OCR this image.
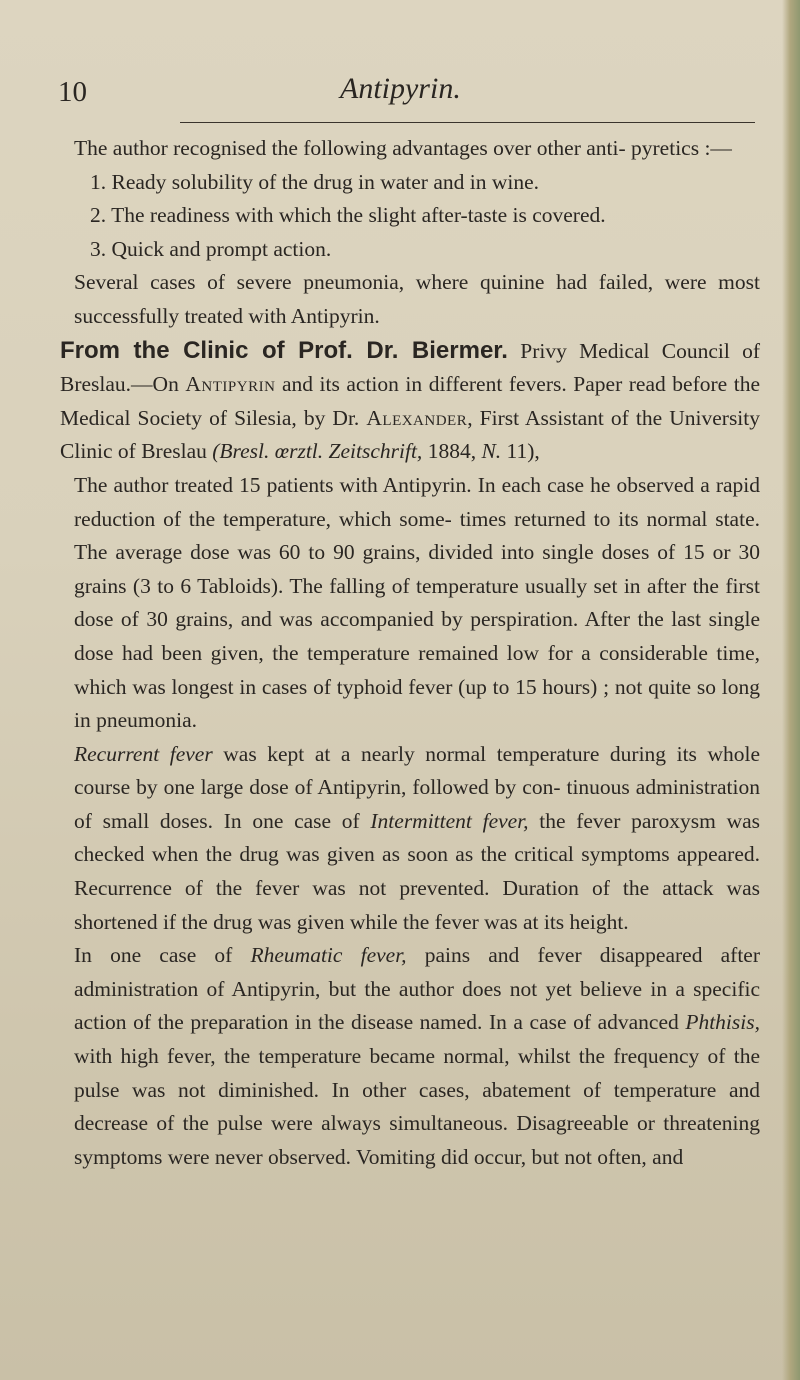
10	Antipyrin.

The author recognised the following advantages over other anti- pyretics :—

1. Ready solubility of the drug in water and in wine.

2. The readiness with which the slight after-taste is covered.

3. Quick and prompt action.

Several cases of severe pneumonia, where quinine had failed, were most successfully treated with Antipyrin.

From the Clinic of Prof. Dr. Biermer. Privy Medical Council of Breslau.—On Antipyrin and its action in different fevers. Paper read before the Medical Society of Silesia, by Dr. Alexander, First Assistant of the University Clinic of Breslau (Bresl. œrztl. Zeitschrift, 1884, N. 11),

The author treated 15 patients with Antipyrin. In each case he observed a rapid reduction of the temperature, which some- times returned to its normal state. The average dose was 60 to 90 grains, divided into single doses of 15 or 30 grains (3 to 6 Tabloids). The falling of temperature usually set in after the first dose of 30 grains, and was accompanied by perspiration. After the last single dose had been given, the temperature remained low for a considerable time, which was longest in cases of typhoid fever (up to 15 hours) ; not quite so long in pneumonia.

Recurrent fever was kept at a nearly normal temperature during its whole course by one large dose of Antipyrin, followed by con- tinuous administration of small doses. In one case of Intermittent fever, the fever paroxysm was checked when the drug was given as soon as the critical symptoms appeared. Recurrence of the fever was not prevented. Duration of the attack was shortened if the drug was given while the fever was at its height.

In one case of Rheumatic fever, pains and fever disappeared after administration of Antipyrin, but the author does not yet believe in a specific action of the preparation in the disease named. In a case of advanced Phthisis, with high fever, the temperature became normal, whilst the frequency of the pulse was not diminished. In other cases, abatement of temperature and decrease of the pulse were always simultaneous. Disagreeable or threatening symptoms were never observed. Vomiting did occur, but not often, and
